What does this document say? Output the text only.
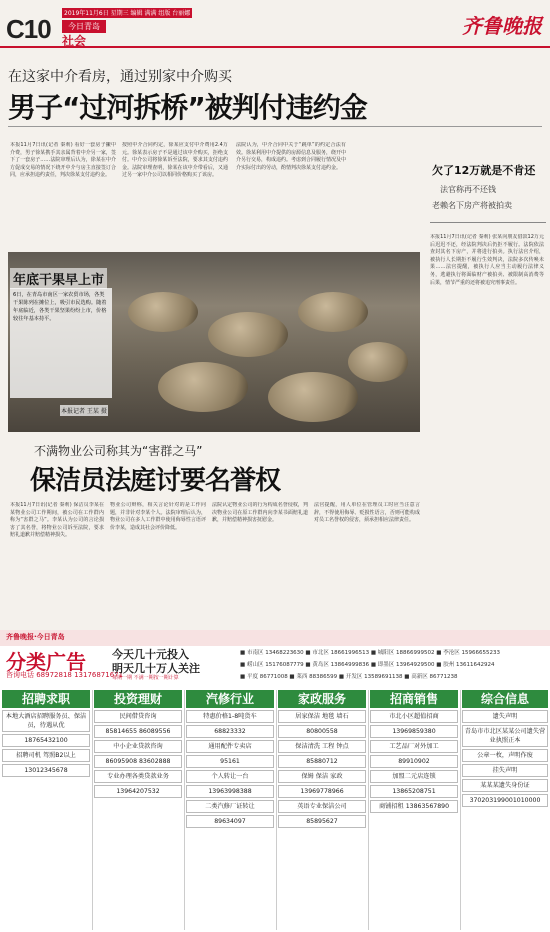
C10
2019年11月6日 星期三 编辑 满满 组版 台丽娜
今日青岛
社会
齐鲁晚报
在这家中介看房，通过别家中介购买
男子“过河拆桥”被判付违约金
本报11月7日讯(记者 秦莉) 看好一套房子撇中介费，男子徐某携手其亲属背着中介另一家，签下了一套房子……法院审理后认为，徐某在中介方促成交易的情况下绕开中介与房主直接签订合同，应承担违约责任，判决徐某支付违约金。
按照中介合同约定，徐某应支付中介费用2.4万元。徐某表示房子不是通过该中介购买，拒绝支付。中介公司将徐某诉至法院，要求其支付违约金。法院审理查明，徐某在该中介带看后，又通过另一家中介公司以相同价格购买了该房。
法院认为，中介合同中关于“跳单”的约定合法有效。徐某利用中介提供的房源信息及服务，绕开中介另行交易，构成违约。考虑到合同履行情况及中介实际付出的劳动，酌情判决徐某支付违约金。	欠了12万就是不肯还
法官称再不还钱
老赖名下房产将被拍卖
本报11月7日讯(记者 秦莉) 张某向朋友借款12万元后迟迟不还，经法院判决后仍拒不履行。法院依法查封其名下房产，并将进行拍卖。执行法官介绍，被执行人长期拒不履行生效判决，法院多次传唤未果……法官提醒，被执行人应当主动履行法律义务，逃避执行将面临财产被拍卖、被限制高消费等后果，情节严重的还将被追究刑事责任。
年底干果早上市
6日，在青岛市南区一家农贸市场，各类干果陈列在摊位上，吸引市民选购。随着年底临近，各类干果坚果纷纷上市，价格较往年基本持平。
本报记者 王某 摄
不满物业公司称其为“害群之马”
保洁员法庭讨要名誉权
本报11月7日讯(记者 秦莉) 保洁员李某在某物业公司工作期间，被公司在工作群内称为“害群之马”。李某认为公司的言论损害了其名誉，将物业公司诉至法院，要求赔礼道歉并赔偿精神损失。
物业公司辩称，相关言论针对的是工作问题，并非针对李某个人。法院审理后认为，物业公司在多人工作群中使用侮辱性言语评价李某，造成其社会评价降低。
法院认定物业公司的行为构成名誉侵权，判决物业公司在原工作群内向李某书面赔礼道歉，并赔偿精神损害抚慰金。
法官提醒，用人单位在管理员工时应当注意言辞，不得使用侮辱、贬损性语言，否则可能构成对员工名誉权的侵害，须承担相应法律责任。
齐鲁晚报·今日青岛
分类广告
咨询电话 68972818 13176871671
今天几十元投入
明天几十万人关注
每期一期 不满一期按一期计算
■ 市南区 13468223630 ■ 市北区 18661996513 ■ 城阳区 18866999502 ■ 李沧区 15966655233
■ 崂山区 15176087779 ■ 黄岛区 13864999836 ■ 即墨区 13964929500 ■ 胶州 13611642924
■ 平度 86771008 ■ 莱西 88386599 ■ 开发区 13589691138 ■ 高新区 86771238
招聘求职
本地大酒店招聘服务员、保洁员，待遇从优
18765432100
招聘司机 驾照B2以上
13012345678
投资理财
民间借贷咨询
85814655 86089556
中小企业贷款咨询
86095908 83602888
专业办理各类贷款业务
13964207532
汽修行业
特惠价格1-8吨货车
68823332
通用配件专卖店
95161
个人转让一台
13963998388
二类汽修厂证转让
89634097
家政服务
居家保洁 地毯 墙石
80800558
保洁清洗 工程 钟点
85880712
保姆 保洁 家政
13969778966
英语专业保洁公司
85895627
招商销售
市北小区超值招商
13969859380
工艺品厂对外加工
89910902
加盟二元店连锁
13865208751
商铺招租 13863567890
综合信息
遗失声明
青岛市市北区某某公司遗失营业执照正本
公章一枚，声明作废
挂失声明
某某某遗失身份证
370203199001010000
